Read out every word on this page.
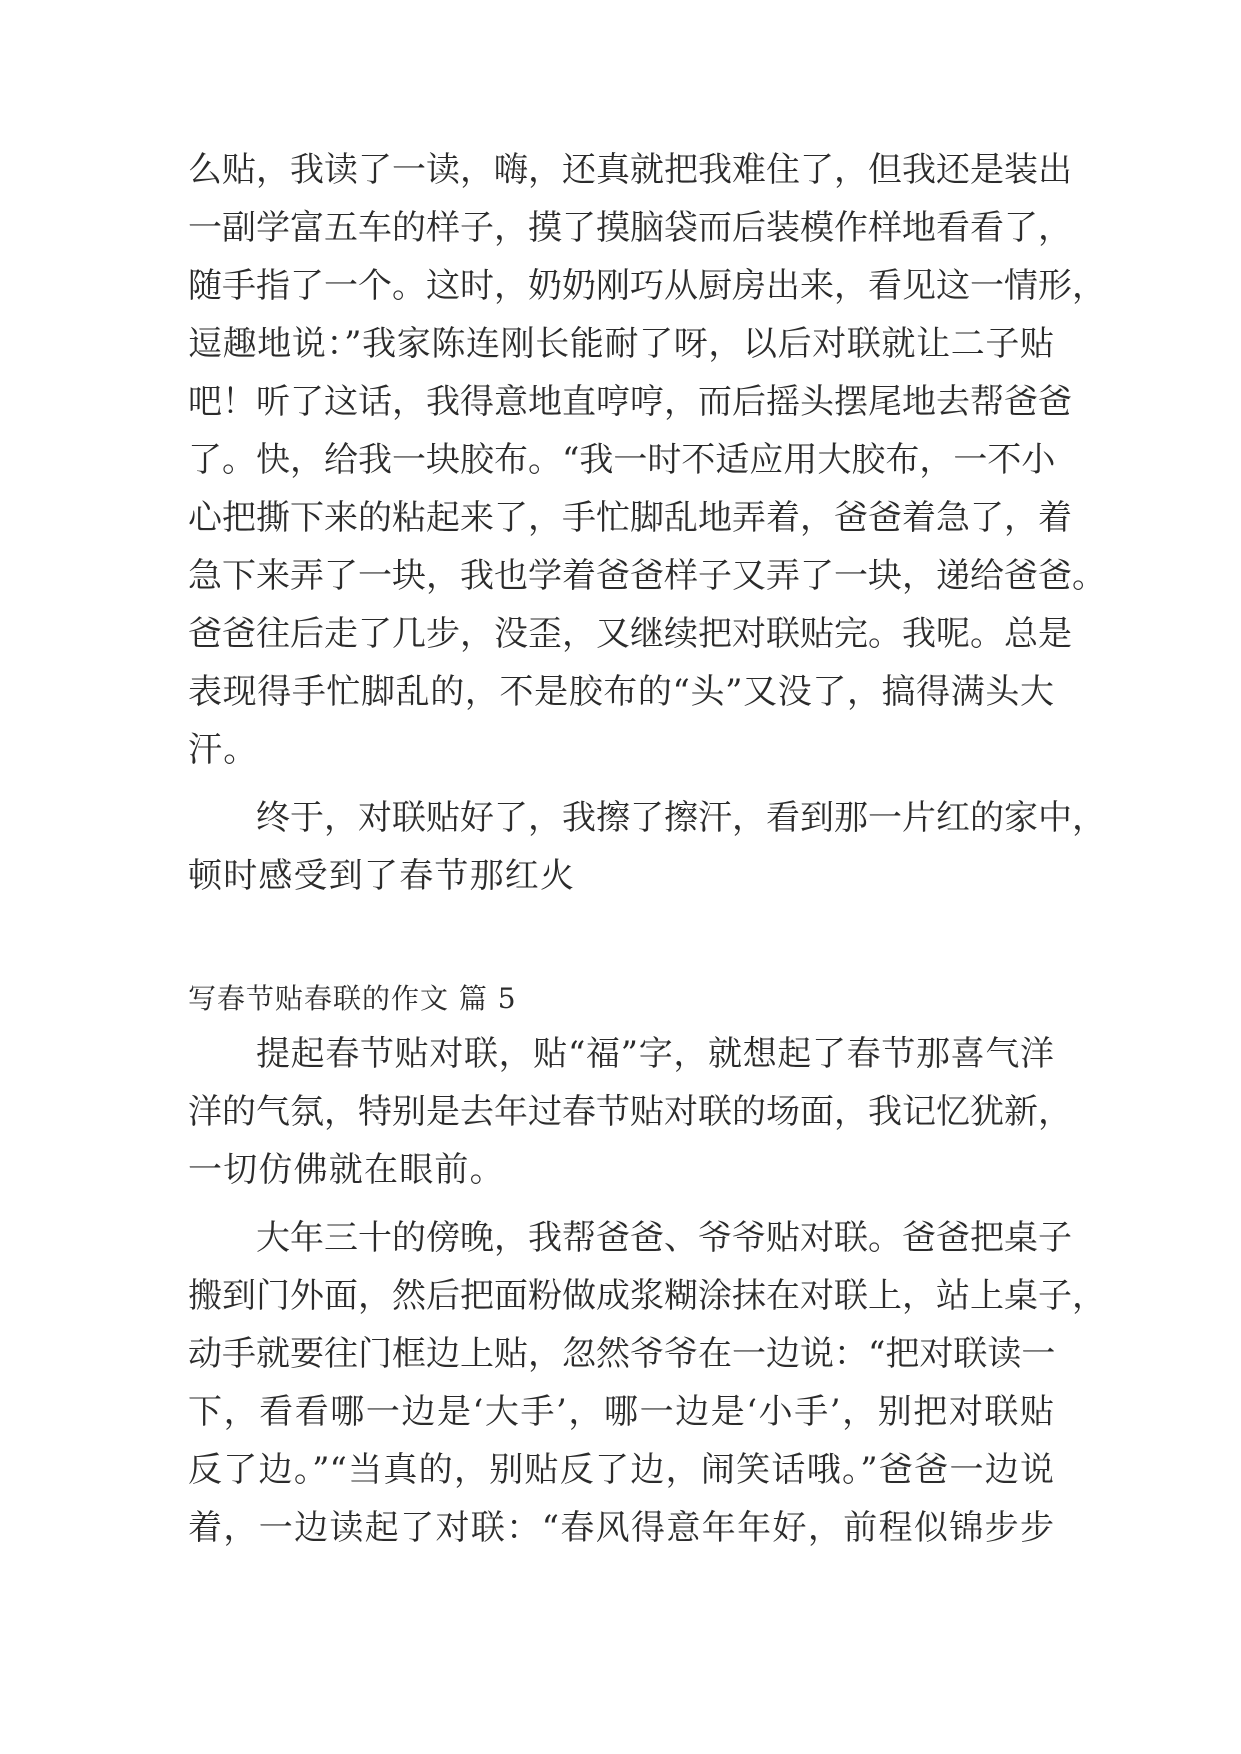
么贴，我读了一读，嗨，还真就把我难住了，但我还是装出
一副学富五车的样子，摸了摸脑袋而后装模作样地看看了，
随手指了一个。这时，奶奶刚巧从厨房出来，看见这一情形，
逗趣地说：”我家陈连刚长能耐了呀，以后对联就让二子贴
吧！听了这话，我得意地直哼哼，而后摇头摆尾地去帮爸爸
了。快，给我一块胶布。“我一时不适应用大胶布，一不小
心把撕下来的粘起来了，手忙脚乱地弄着，爸爸着急了，着
急下来弄了一块，我也学着爸爸样子又弄了一块，递给爸爸。
爸爸往后走了几步，没歪，又继续把对联贴完。我呢。总是
表现得手忙脚乱的，不是胶布的“头”又没了，搞得满头大
汗。
终于，对联贴好了，我擦了擦汗，看到那一片红的家中，
顿时感受到了春节那红火
写春节贴春联的作文 篇 5
提起春节贴对联，贴“福”字，就想起了春节那喜气洋
洋的气氛，特别是去年过春节贴对联的场面，我记忆犹新，
一切仿佛就在眼前。
大年三十的傍晚，我帮爸爸、爷爷贴对联。爸爸把桌子
搬到门外面，然后把面粉做成浆糊涂抹在对联上，站上桌子，
动手就要往门框边上贴，忽然爷爷在一边说：“把对联读一
下，看看哪一边是‘大手’，哪一边是‘小手’，别把对联贴
反了边。”“当真的，别贴反了边，闹笑话哦。”爸爸一边说
着，一边读起了对联：“春风得意年年好，前程似锦步步
